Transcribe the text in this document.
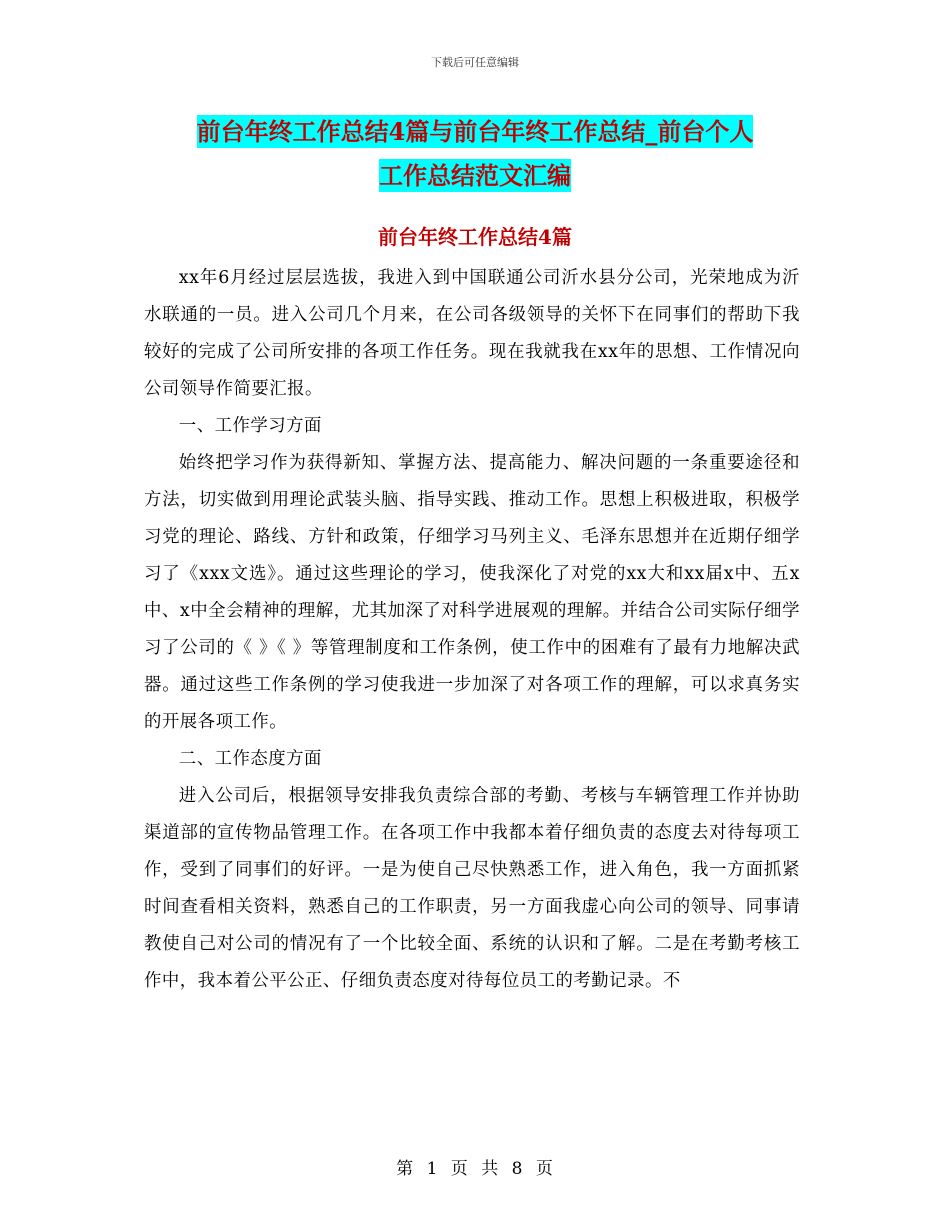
下载后可任意编辑
前台年终工作总结4篇与前台年终工作总结_前台个人
工作总结范文汇编
前台年终工作总结4篇

xx年6月经过层层选拔，我进入到中国联通公司沂水县分公司，光荣地成为沂水联通的一员。进入公司几个月来，在公司各级领导的关怀下在同事们的帮助下我较好的完成了公司所安排的各项工作任务。现在我就我在xx年的思想、工作情况向公司领导作简要汇报。

一、工作学习方面

始终把学习作为获得新知、掌握方法、提高能力、解决问题的一条重要途径和方法，切实做到用理论武装头脑、指导实践、推动工作。思想上积极进取，积极学习党的理论、路线、方针和政策，仔细学习马列主义、毛泽东思想并在近期仔细学习了《xxx文选》。通过这些理论的学习，使我深化了对党的xx大和xx届x中、五x中、x中全会精神的理解，尤其加深了对科学进展观的理解。并结合公司实际仔细学习了公司的《 》《 》等管理制度和工作条例，使工作中的困难有了最有力地解决武器。通过这些工作条例的学习使我进一步加深了对各项工作的理解，可以求真务实的开展各项工作。

二、工作态度方面

进入公司后，根据领导安排我负责综合部的考勤、考核与车辆管理工作并协助渠道部的宣传物品管理工作。在各项工作中我都本着仔细负责的态度去对待每项工作，受到了同事们的好评。一是为使自己尽快熟悉工作，进入角色，我一方面抓紧时间查看相关资料，熟悉自己的工作职责，另一方面我虚心向公司的领导、同事请教使自己对公司的情况有了一个比较全面、系统的认识和了解。二是在考勤考核工作中，我本着公平公正、仔细负责态度对待每位员工的考勤记录。不

第 1 页 共 8 页
